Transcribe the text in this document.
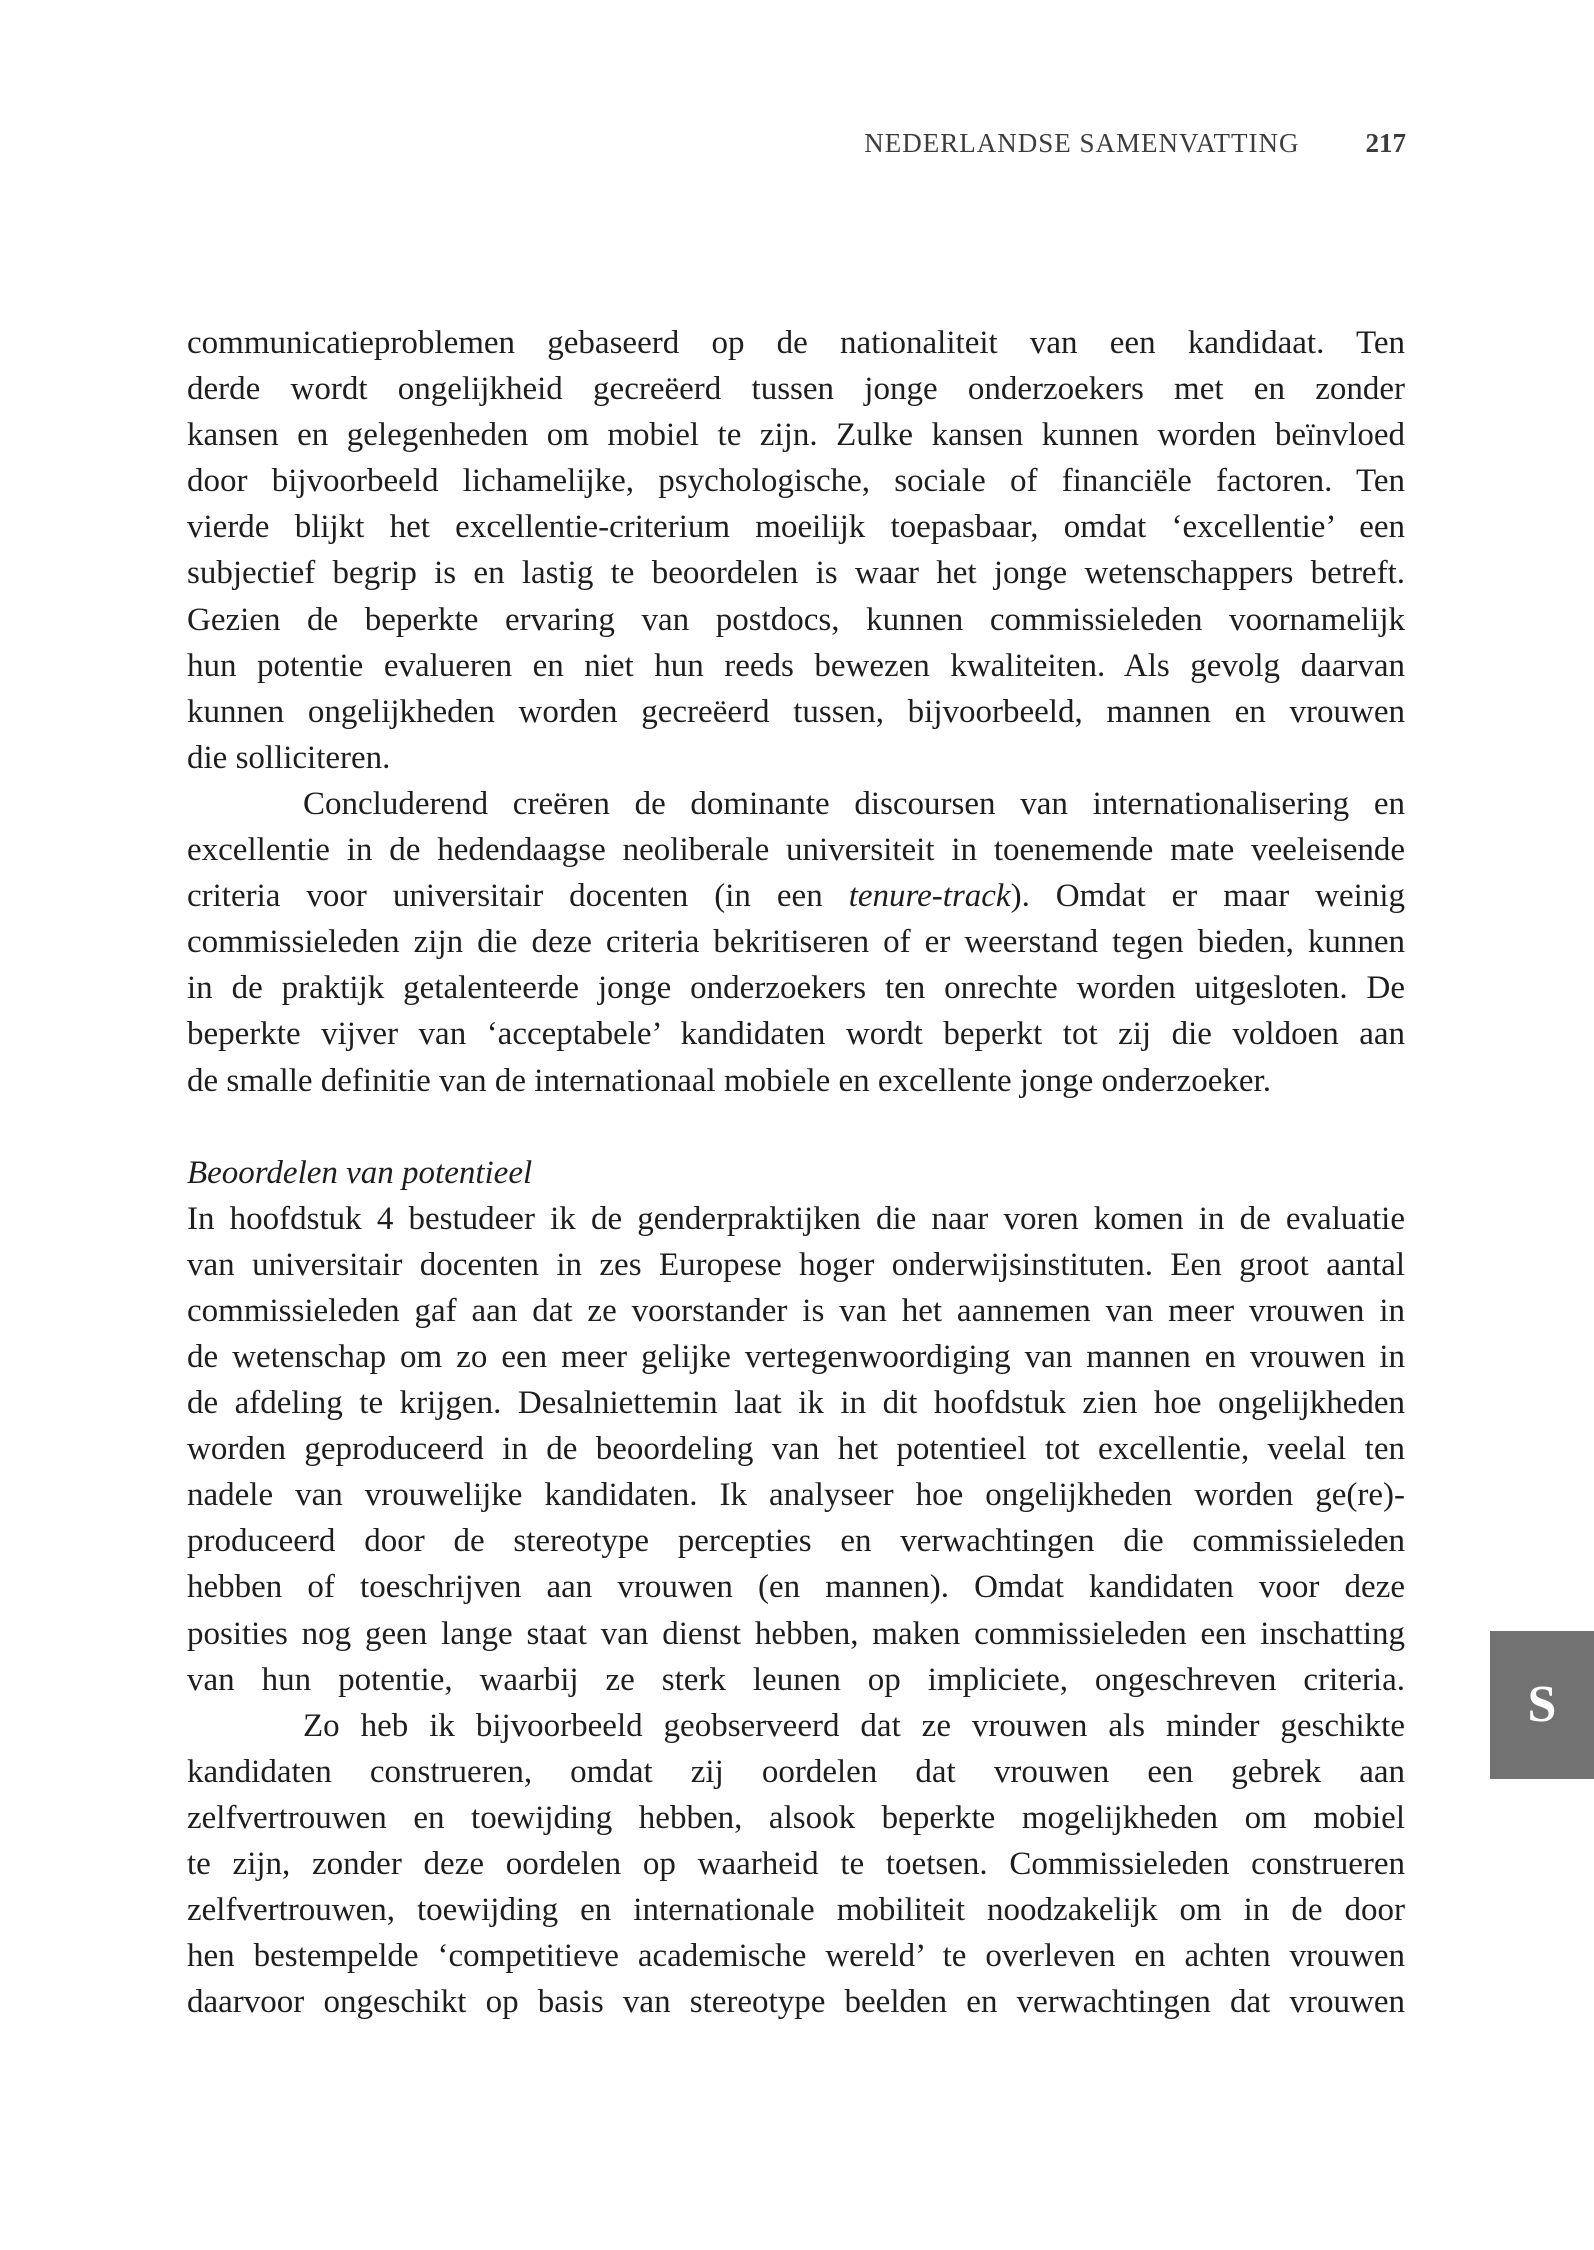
NEDERLANDSE SAMENVATTING 217

communicatieproblemen gebaseerd op de nationaliteit van een kandidaat. Ten

derde wordt ongelijkheid gecreëerd tussen jonge onderzoekers met en zonder

kansen en gelegenheden om mobiel te zijn. Zulke kansen kunnen worden beïnvloed

door bijvoorbeeld lichamelijke, psychologische, sociale of financiële factoren. Ten

vierde blijkt het excellentie-criterium moeilijk toepasbaar, omdat ‘excellentie’ een

subjectief begrip is en lastig te beoordelen is waar het jonge wetenschappers betreft.

Gezien de beperkte ervaring van postdocs, kunnen commissieleden voornamelijk

hun potentie evalueren en niet hun reeds bewezen kwaliteiten. Als gevolg daarvan

kunnen ongelijkheden worden gecreëerd tussen, bijvoorbeeld, mannen en vrouwen

die solliciteren.

Concluderend creëren de dominante discoursen van internationalisering en

excellentie in de hedendaagse neoliberale universiteit in toenemende mate veeleisende

criteria voor universitair docenten (in een tenure-track). Omdat er maar weinig

commissieleden zijn die deze criteria bekritiseren of er weerstand tegen bieden, kunnen

in de praktijk getalenteerde jonge onderzoekers ten onrechte worden uitgesloten. De

beperkte vijver van ‘acceptabele’ kandidaten wordt beperkt tot zij die voldoen aan

de smalle definitie van de internationaal mobiele en excellente jonge onderzoeker.

Beoordelen van potentieel

In hoofdstuk 4 bestudeer ik de genderpraktijken die naar voren komen in de evaluatie

van universitair docenten in zes Europese hoger onderwijsinstituten. Een groot aantal

commissieleden gaf aan dat ze voorstander is van het aannemen van meer vrouwen in

de wetenschap om zo een meer gelijke vertegenwoordiging van mannen en vrouwen in

de afdeling te krijgen. Desalniettemin laat ik in dit hoofdstuk zien hoe ongelijkheden

worden geproduceerd in de beoordeling van het potentieel tot excellentie, veelal ten

nadele van vrouwelijke kandidaten. Ik analyseer hoe ongelijkheden worden ge(re)-

produceerd door de stereotype percepties en verwachtingen die commissieleden

hebben of toeschrijven aan vrouwen (en mannen). Omdat kandidaten voor deze

posities nog geen lange staat van dienst hebben, maken commissieleden een inschatting

van hun potentie, waarbij ze sterk leunen op impliciete, ongeschreven criteria.

Zo heb ik bijvoorbeeld geobserveerd dat ze vrouwen als minder geschikte

kandidaten construeren, omdat zij oordelen dat vrouwen een gebrek aan

zelfvertrouwen en toewijding hebben, alsook beperkte mogelijkheden om mobiel

te zijn, zonder deze oordelen op waarheid te toetsen. Commissieleden construeren

zelfvertrouwen, toewijding en internationale mobiliteit noodzakelijk om in de door

hen bestempelde ‘competitieve academische wereld’ te overleven en achten vrouwen

daarvoor ongeschikt op basis van stereotype beelden en verwachtingen dat vrouwen

S
